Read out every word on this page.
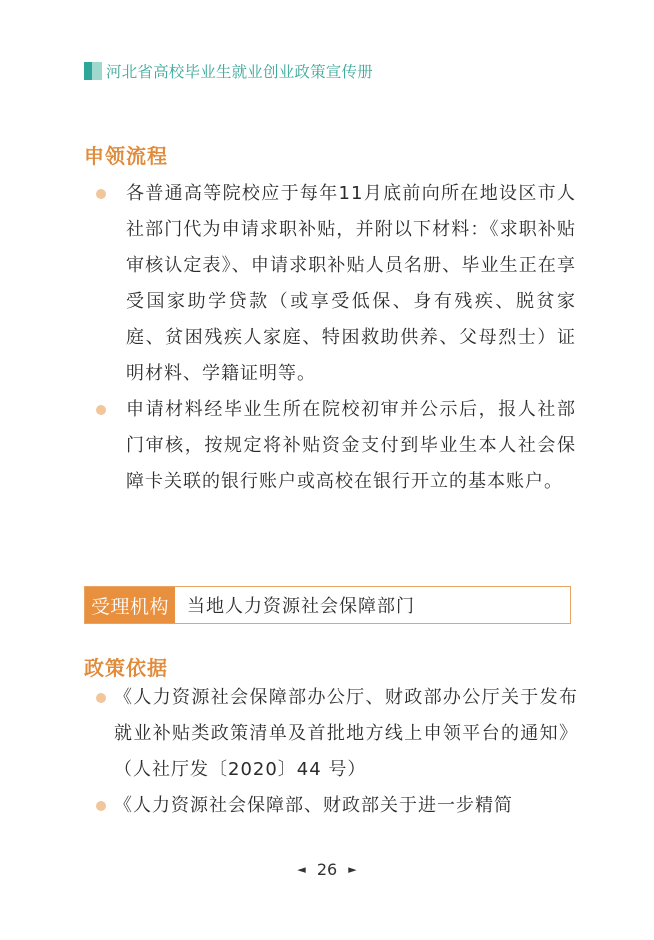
河北省高校毕业生就业创业政策宣传册
申领流程
各普通高等院校应于每年11月底前向所在地设区市人社部门代为申请求职补贴，并附以下材料：《求职补贴审核认定表》、申请求职补贴人员名册、毕业生正在享受国家助学贷款（或享受低保、身有残疾、脱贫家庭、贫困残疾人家庭、特困救助供养、父母烈士）证明材料、学籍证明等。
申请材料经毕业生所在院校初审并公示后，报人社部门审核，按规定将补贴资金支付到毕业生本人社会保障卡关联的银行账户或高校在银行开立的基本账户。
受理机构	当地人力资源社会保障部门
政策依据
《人力资源社会保障部办公厅、财政部办公厅关于发布就业补贴类政策清单及首批地方线上申领平台的通知》（人社厅发〔2020〕44 号）
《人力资源社会保障部、财政部关于进一步精简
◄ 26 ►
